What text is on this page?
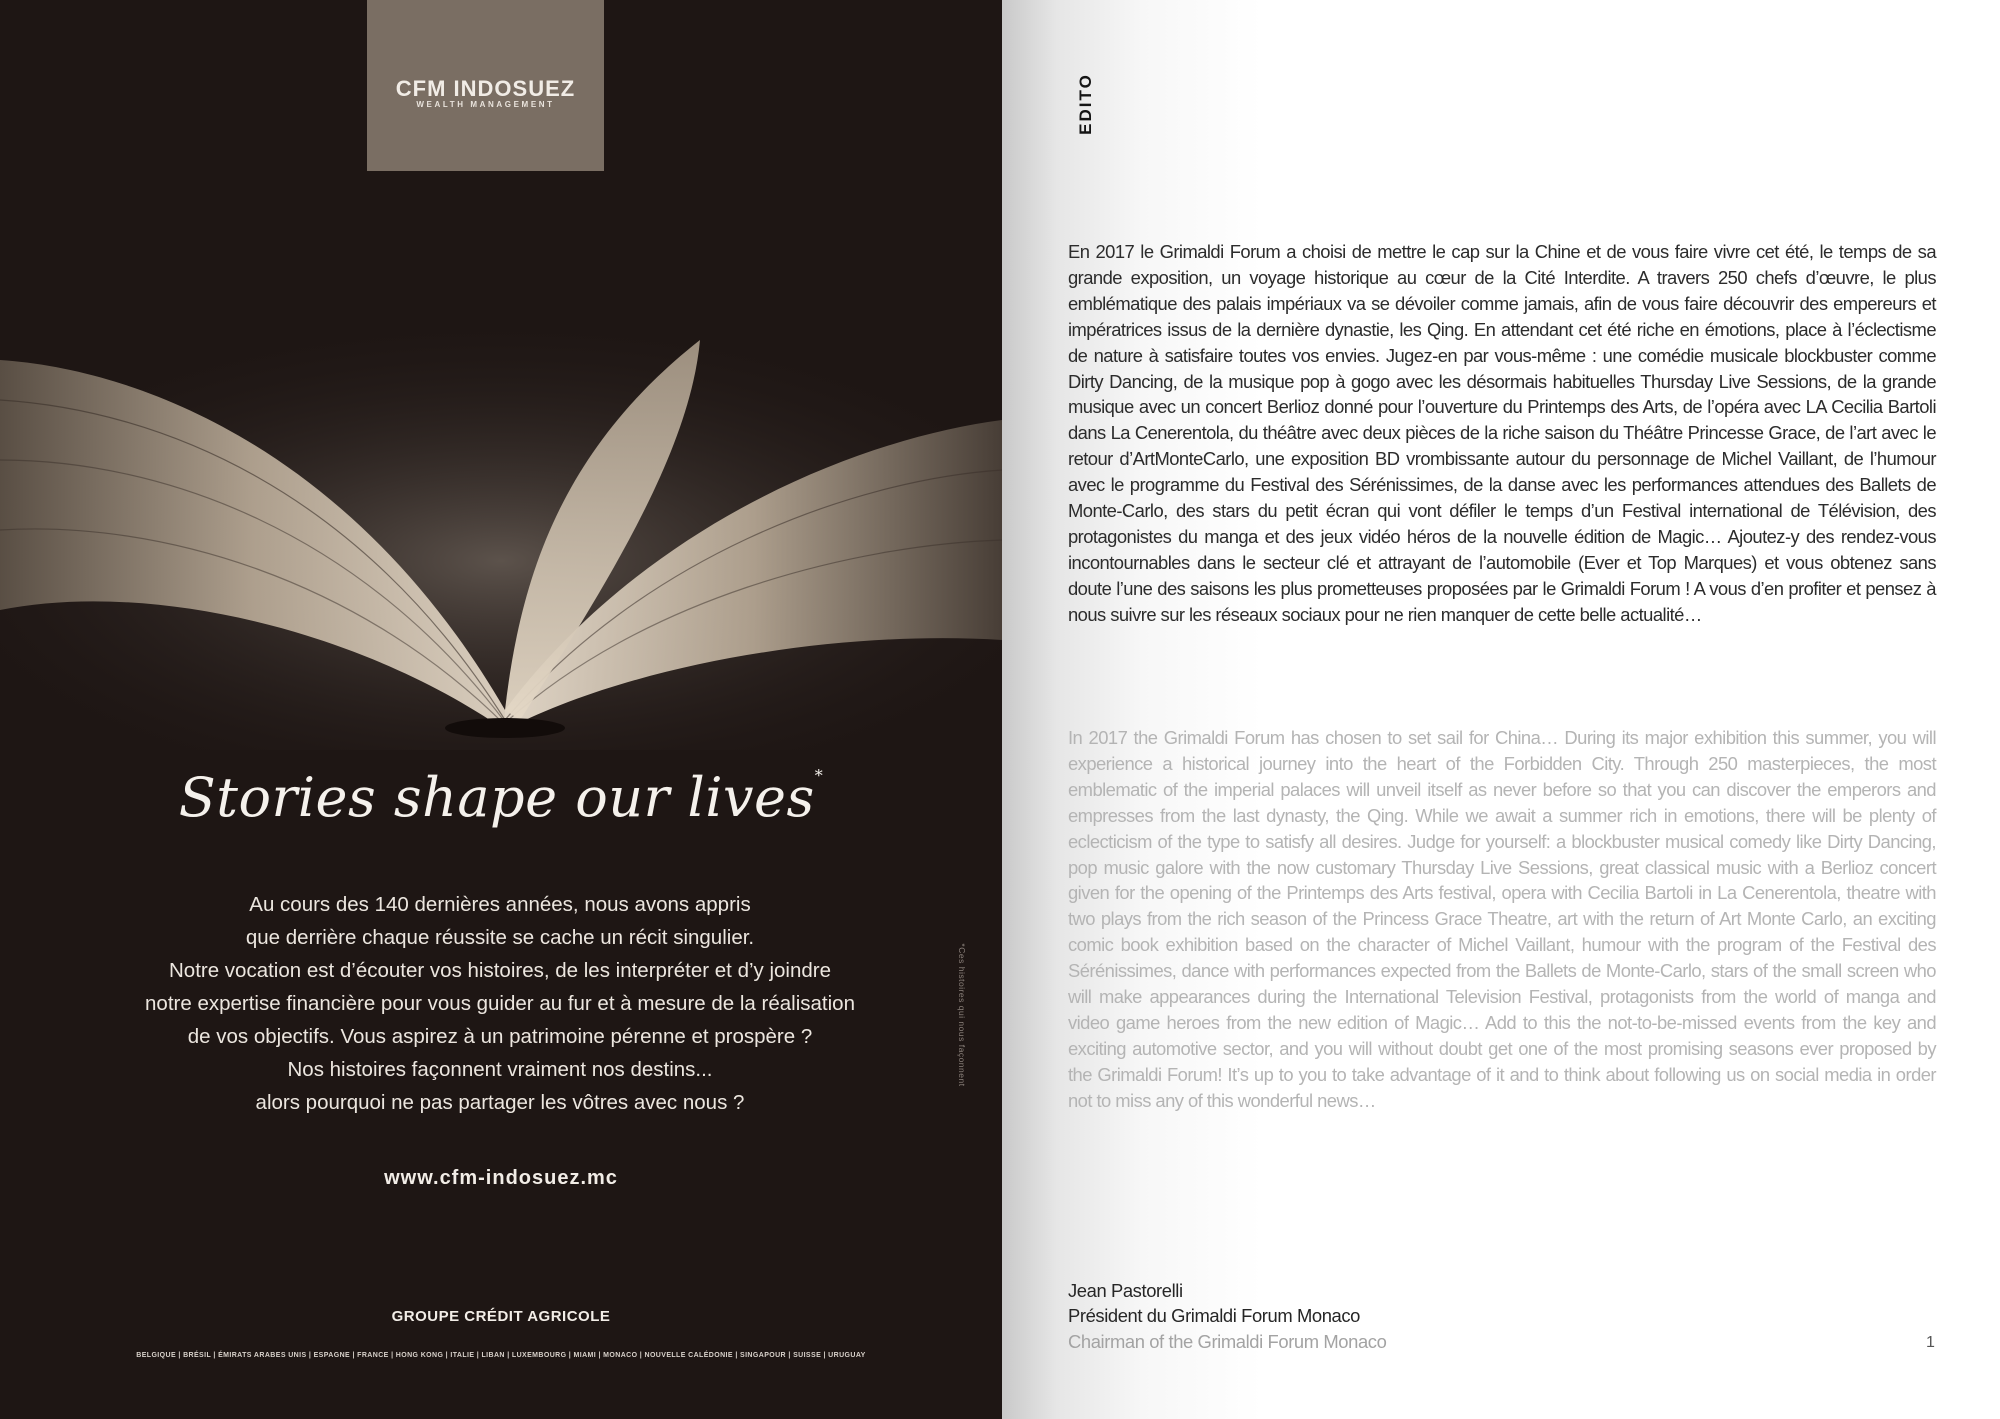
CFM INDOSUEZ
WEALTH MANAGEMENT
Stories shape our lives*
Au cours des 140 dernières années, nous avons appris
que derrière chaque réussite se cache un récit singulier.
Notre vocation est d’écouter vos histoires, de les interpréter et d’y joindre
notre expertise financière pour vous guider au fur et à mesure de la réalisation
de vos objectifs. Vous aspirez à un patrimoine pérenne et prospère ?
Nos histoires façonnent vraiment nos destins...
alors pourquoi ne pas partager les vôtres avec nous ?
*Ces histoires qui nous façonnent
www.cfm-indosuez.mc
GROUPE CRÉDIT AGRICOLE
BELGIQUE | BRÉSIL | ÉMIRATS ARABES UNIS | ESPAGNE | FRANCE | HONG KONG | ITALIE | LIBAN | LUXEMBOURG | MIAMI | MONACO | NOUVELLE CALÉDONIE | SINGAPOUR | SUISSE | URUGUAY
EDITO

En 2017 le Grimaldi Forum a choisi de mettre le cap sur la Chine et de vous faire vivre cet été, le temps de sa grande exposition, un voyage historique au cœur de la Cité Interdite. A travers 250 chefs d’œuvre, le plus emblématique des palais impériaux va se dévoiler comme jamais, afin de vous faire découvrir des empereurs et impératrices issus de la dernière dynastie, les Qing. En attendant cet été riche en émotions, place à l’éclectisme de nature à satisfaire toutes vos envies. Jugez-en par vous-même : une comédie musicale blockbuster comme Dirty Dancing, de la musique pop à gogo avec les désormais habituelles Thursday Live Sessions, de la grande musique avec un concert Berlioz donné pour l’ouverture du Printemps des Arts, de l’opéra avec LA Cecilia Bartoli dans La Cenerentola, du théâtre avec deux pièces de la riche saison du Théâtre Princesse Grace, de l’art avec le retour d’ArtMonteCarlo, une exposition BD vrombissante autour du personnage de Michel Vaillant, de l’humour avec le programme du Festival des Sérénissimes, de la danse avec les performances attendues des Ballets de Monte-Carlo, des stars du petit écran qui vont défiler le temps d’un Festival international de Télévision, des protagonistes du manga et des jeux vidéo héros de la nouvelle édition de Magic… Ajoutez-y des rendez-vous incontournables dans le secteur clé et attrayant de l’automobile (Ever et Top Marques) et vous obtenez sans doute l’une des saisons les plus prometteuses proposées par le Grimaldi Forum ! A vous d’en profiter et pensez à nous suivre sur les réseaux sociaux pour ne rien manquer de cette belle actualité…

In 2017 the Grimaldi Forum has chosen to set sail for China… During its major exhibition this summer, you will experience a historical journey into the heart of the Forbidden City. Through 250 masterpieces, the most emblematic of the imperial palaces will unveil itself as never before so that you can discover the emperors and empresses from the last dynasty, the Qing. While we await a summer rich in emotions, there will be plenty of eclecticism of the type to satisfy all desires. Judge for yourself: a blockbuster musical comedy like Dirty Dancing, pop music galore with the now customary Thursday Live Sessions, great classical music with a Berlioz concert given for the opening of the Printemps des Arts festival, opera with Cecilia Bartoli in La Cenerentola, theatre with two plays from the rich season of the Princess Grace Theatre, art with the return of Art Monte Carlo, an exciting comic book exhibition based on the character of Michel Vaillant, humour with the program of the Festival des Sérénissimes, dance with performances expected from the Ballets de Monte-Carlo, stars of the small screen who will make appearances during the International Television Festival, protagonists from the world of manga and video game heroes from the new edition of Magic… Add to this the not-to-be-missed events from the key and exciting automotive sector, and you will without doubt get one of the most promising seasons ever proposed by the Grimaldi Forum! It’s up to you to take advantage of it and to think about following us on social media in order not to miss any of this wonderful news…

Jean Pastorelli
Président du Grimaldi Forum Monaco
Chairman of the Grimaldi Forum Monaco	1
